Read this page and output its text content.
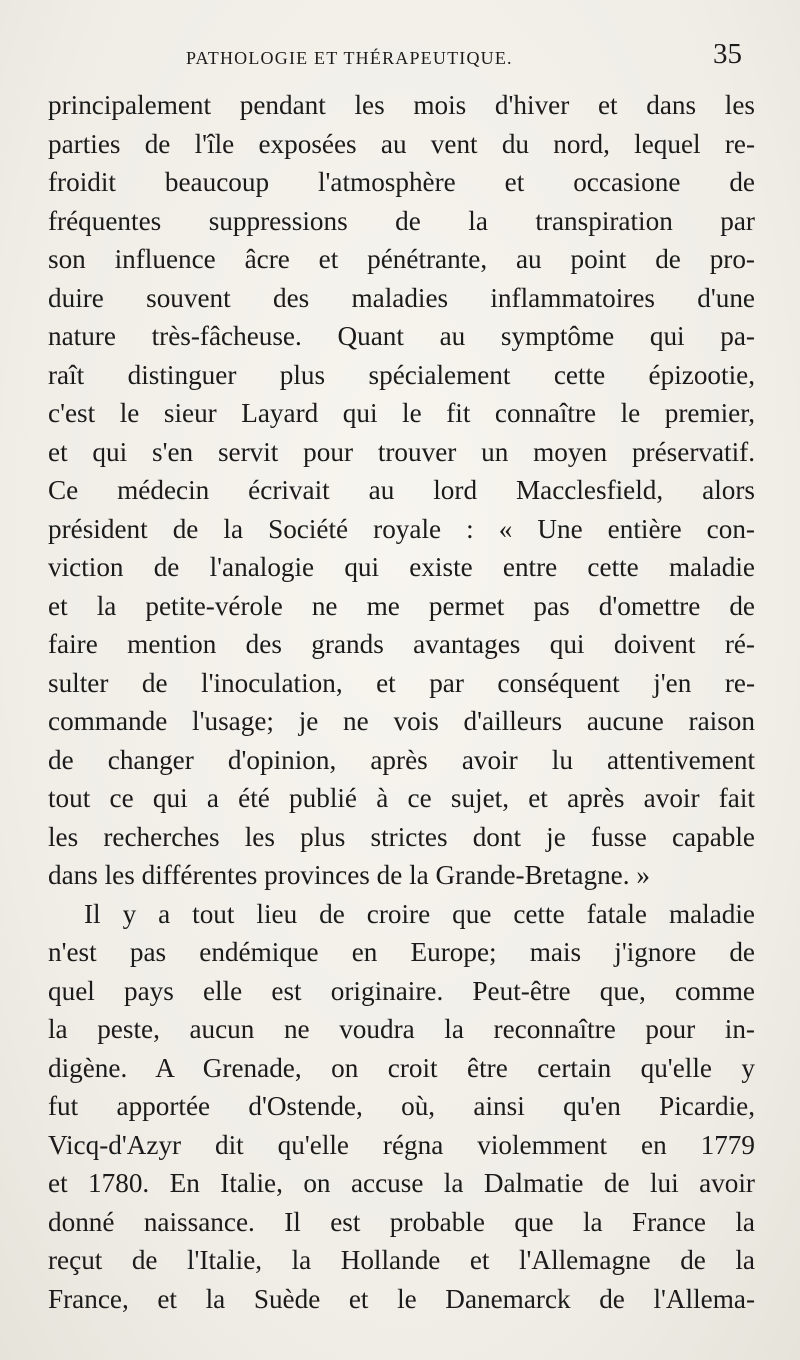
PATHOLOGIE ET THÉRAPEUTIQUE.	35
principalement pendant les mois d'hiver et dans les
parties de l'île exposées au vent du nord, lequel re-
froidit beaucoup l'atmosphère et occasione de
fréquentes suppressions de la transpiration par
son influence âcre et pénétrante, au point de pro-
duire souvent des maladies inflammatoires d'une
nature très-fâcheuse. Quant au symptôme qui pa-
raît distinguer plus spécialement cette épizootie,
c'est le sieur Layard qui le fit connaître le premier,
et qui s'en servit pour trouver un moyen préservatif.
Ce médecin écrivait au lord Macclesfield, alors
président de la Société royale : « Une entière con-
viction de l'analogie qui existe entre cette maladie
et la petite-vérole ne me permet pas d'omettre de
faire mention des grands avantages qui doivent ré-
sulter de l'inoculation, et par conséquent j'en re-
commande l'usage; je ne vois d'ailleurs aucune raison
de changer d'opinion, après avoir lu attentivement
tout ce qui a été publié à ce sujet, et après avoir fait
les recherches les plus strictes dont je fusse capable
dans les différentes provinces de la Grande-Bretagne. »
Il y a tout lieu de croire que cette fatale maladie
n'est pas endémique en Europe; mais j'ignore de
quel pays elle est originaire. Peut-être que, comme
la peste, aucun ne voudra la reconnaître pour in-
digène. A Grenade, on croit être certain qu'elle y
fut apportée d'Ostende, où, ainsi qu'en Picardie,
Vicq-d'Azyr dit qu'elle régna violemment en 1779
et 1780. En Italie, on accuse la Dalmatie de lui avoir
donné naissance. Il est probable que la France la
reçut de l'Italie, la Hollande et l'Allemagne de la
France, et la Suède et le Danemarck de l'Allema-
